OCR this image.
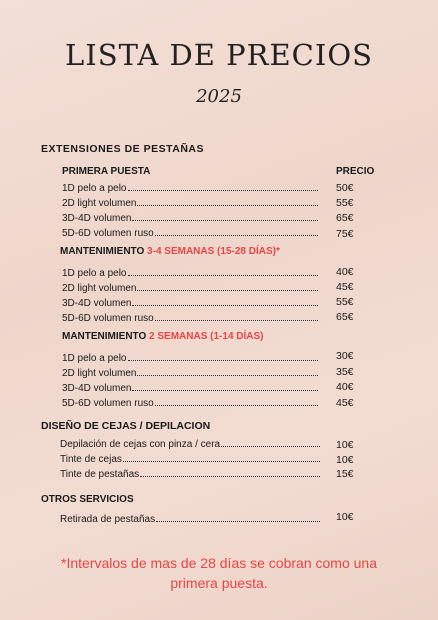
LISTA DE PRECIOS
2025
EXTENSIONES DE PESTAÑAS
PRIMERA PUESTA	PRECIO
1D pelo a pelo	50€
2D light volumen	55€
3D-4D volumen	65€
5D-6D volumen ruso	75€
MANTENIMIENTO 3-4 SEMANAS (15-28 DÍAS)*
1D pelo a pelo	40€
2D light volumen	45€
3D-4D volumen	55€
5D-6D volumen ruso	65€
MANTENIMIENTO 2 SEMANAS (1-14 DÍAS)
1D pelo a pelo	30€
2D light volumen	35€
3D-4D volumen	40€
5D-6D volumen ruso	45€
DISEÑO DE CEJAS / DEPILACION
Depilación de cejas con pinza / cera	10€
Tinte de cejas	10€
Tinte de pestañas	15€
OTROS SERVICIOS
Retirada de pestañas	10€
*Intervalos de mas de 28 días se cobran como una
primera puesta.
